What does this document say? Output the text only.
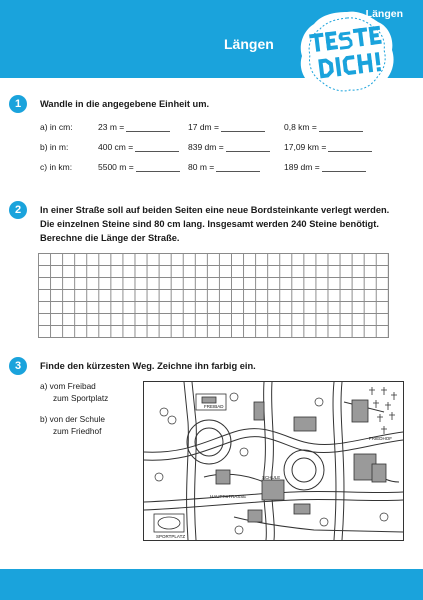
Längen
1	Wandle in die angegebene Einheit um.
a) in cm:	23 m =	17 dm =	0,8 km =
b) in m:	400 cm =	839 dm =	17,09 km =
c) in km:	5500 m =	80 m =	189 dm =
2	In einer Straße soll auf beiden Seiten eine neue Bordsteinkante verlegt werden.
Die einzelnen Steine sind 80 cm lang. Insgesamt werden 240 Steine benötigt.
Berechne die Länge der Straße.
3	Finde den kürzesten Weg. Zeichne ihn farbig ein.
a) vom Freibad
zum Sportplatz
b) von der Schule
zum Friedhof
FREIBAD
SPORTPLATZ
SCHULE
FRIEDHOF
HAUPTSTRASSE
Längen
